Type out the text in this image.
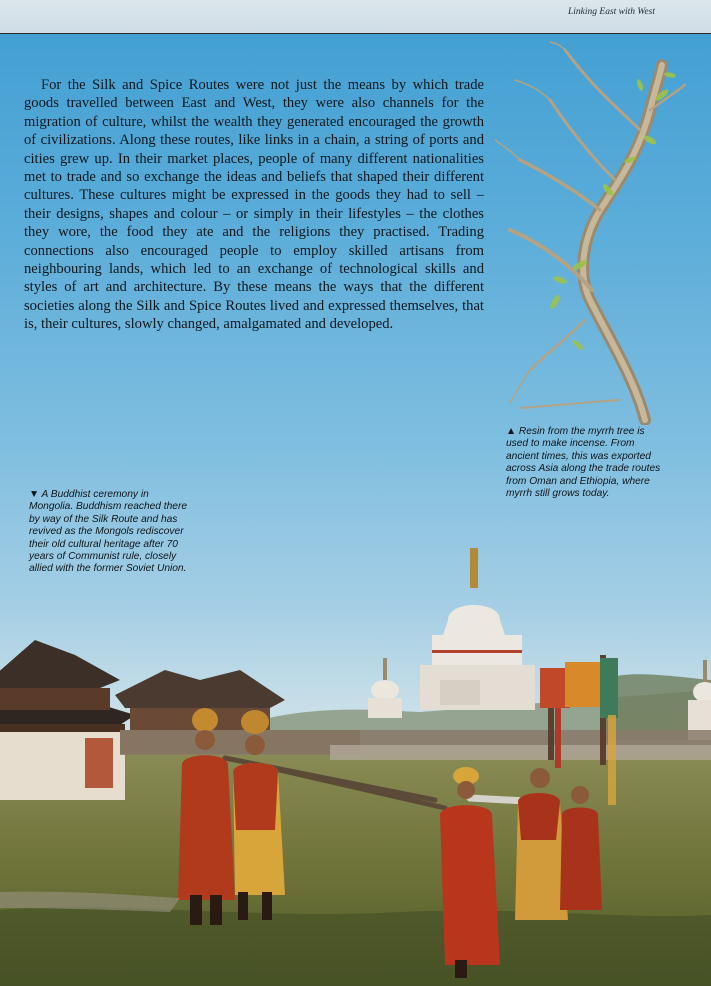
Linking East with West

For the Silk and Spice Routes were not just the means by which trade goods travelled between East and West, they were also channels for the migration of culture, whilst the wealth they generated encouraged the growth of civilizations. Along these routes, like links in a chain, a string of ports and cities grew up. In their market places, people of many different nationalities met to trade and so exchange the ideas and beliefs that shaped their different cultures. These cultures might be expressed in the goods they had to sell – their designs, shapes and colour – or simply in their lifestyles – the clothes they wore, the food they ate and the religions they practised. Trading connections also encouraged people to employ skilled artisans from neighbouring lands, which led to an exchange of technological skills and styles of art and architecture. By these means the ways that the different societies along the Silk and Spice Routes lived and expressed themselves, that is, their cultures, slowly changed, amalgamated and developed.

▲ Resin from the myrrh tree is used to make incense. From ancient times, this was exported across Asia along the trade routes from Oman and Ethiopia, where myrrh still grows today.

▼ A Buddhist ceremony in Mongolia. Buddhism reached there by way of the Silk Route and has revived as the Mongols rediscover their old cultural heritage after 70 years of Communist rule, closely allied with the former Soviet Union.
